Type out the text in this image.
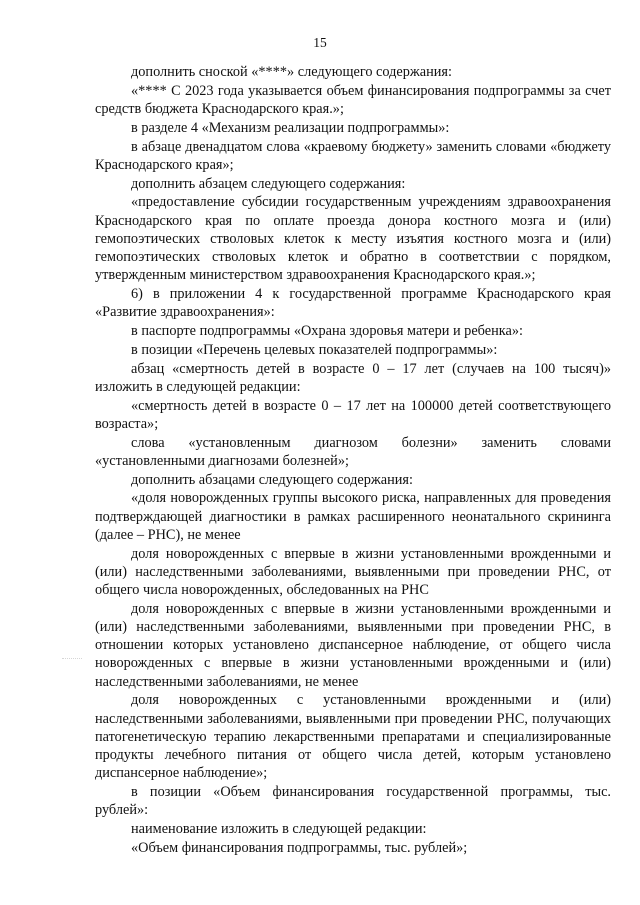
15

дополнить сноской «****» следующего содержания:

«**** С 2023 года указывается объем финансирования подпрограммы за счет средств бюджета Краснодарского края.»;

в разделе 4 «Механизм реализации подпрограммы»:

в абзаце двенадцатом слова «краевому бюджету» заменить словами «бюджету Краснодарского края»;

дополнить абзацем следующего содержания:

«предоставление субсидии государственным учреждениям здравоохранения Краснодарского края по оплате проезда донора костного мозга и (или) гемопоэтических стволовых клеток к месту изъятия костного мозга и (или) гемопоэтических стволовых клеток и обратно в соответствии с порядком, утвержденным министерством здравоохранения Краснодарского края.»;

6) в приложении 4 к государственной программе Краснодарского края «Развитие здравоохранения»:

в паспорте подпрограммы «Охрана здоровья матери и ребенка»:

в позиции «Перечень целевых показателей подпрограммы»:

абзац «смертность детей в возрасте 0 – 17 лет (случаев на 100 тысяч)» изложить в следующей редакции:

«смертность детей в возрасте 0 – 17 лет на 100000 детей соответствующего возраста»;

слова «установленным диагнозом болезни» заменить словами «установленными диагнозами болезней»;

дополнить абзацами следующего содержания:

«доля новорожденных группы высокого риска, направленных для проведения подтверждающей диагностики в рамках расширенного неонатального скрининга (далее – РНС), не менее

доля новорожденных с впервые в жизни установленными врожденными и (или) наследственными заболеваниями, выявленными при проведении РНС, от общего числа новорожденных, обследованных на РНС

доля новорожденных с впервые в жизни установленными врожденными и (или) наследственными заболеваниями, выявленными при проведении РНС, в отношении которых установлено диспансерное наблюдение, от общего числа новорожденных с впервые в жизни установленными врожденными и (или) наследственными заболеваниями, не менее

доля новорожденных с установленными врожденными и (или) наследственными заболеваниями, выявленными при проведении РНС, получающих патогенетическую терапию лекарственными препаратами и специализированные продукты лечебного питания от общего числа детей, которым установлено диспансерное наблюдение»;

в позиции «Объем финансирования государственной программы, тыс. рублей»:

наименование изложить в следующей редакции:

«Объем финансирования подпрограммы, тыс. рублей»;
